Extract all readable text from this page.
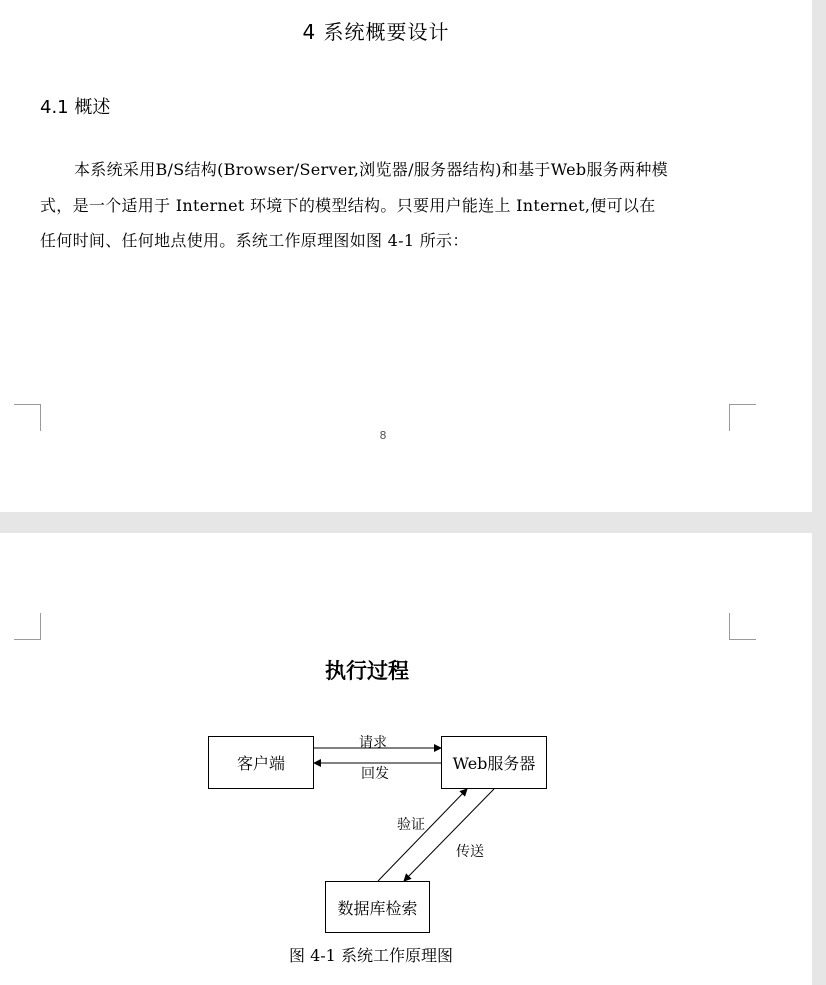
4 系统概要设计
4.1 概述
本系统采用B/S结构(Browser/Server,浏览器/服务器结构)和基于Web服务两种模
式，是一个适用于 Internet 环境下的模型结构。只要用户能连上 Internet,便可以在
任何时间、任何地点使用。系统工作原理图如图 4-1 所示：
8
执行过程
客户端	Web服务器
数据库检索
请求
回发
验证
传送
图 4-1 系统工作原理图
